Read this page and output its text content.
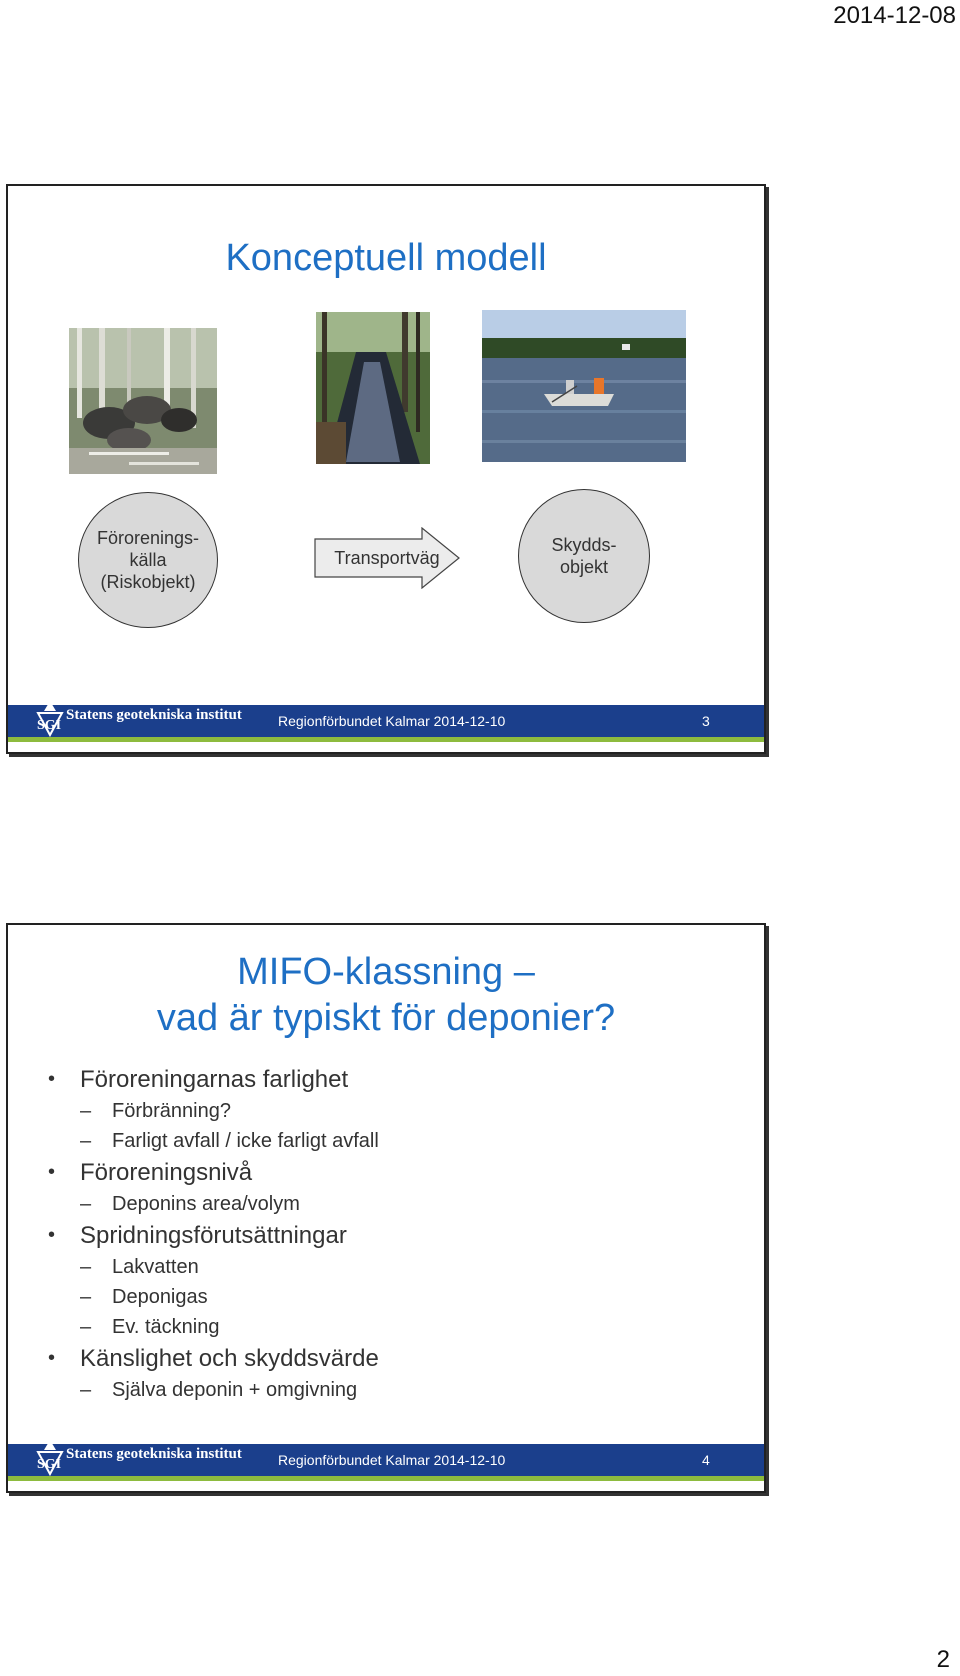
2014-12-08
Konceptuell modell
Förorenings-
källa
(Riskobjekt)
Transportväg
Skydds-
objekt
SGI
Statens geotekniska institut	Regionförbundet Kalmar 2014-12-10	3
MIFO-klassning –
vad är typiskt för deponier?
• Föroreningarnas farlighet
– Förbränning?
– Farligt avfall / icke farligt avfall
• Föroreningsnivå
– Deponins area/volym
• Spridningsförutsättningar
– Lakvatten
– Deponigas
– Ev. täckning
• Känslighet och skyddsvärde
– Själva deponin + omgivning
SGI
Statens geotekniska institut	Regionförbundet Kalmar 2014-12-10	4
2
